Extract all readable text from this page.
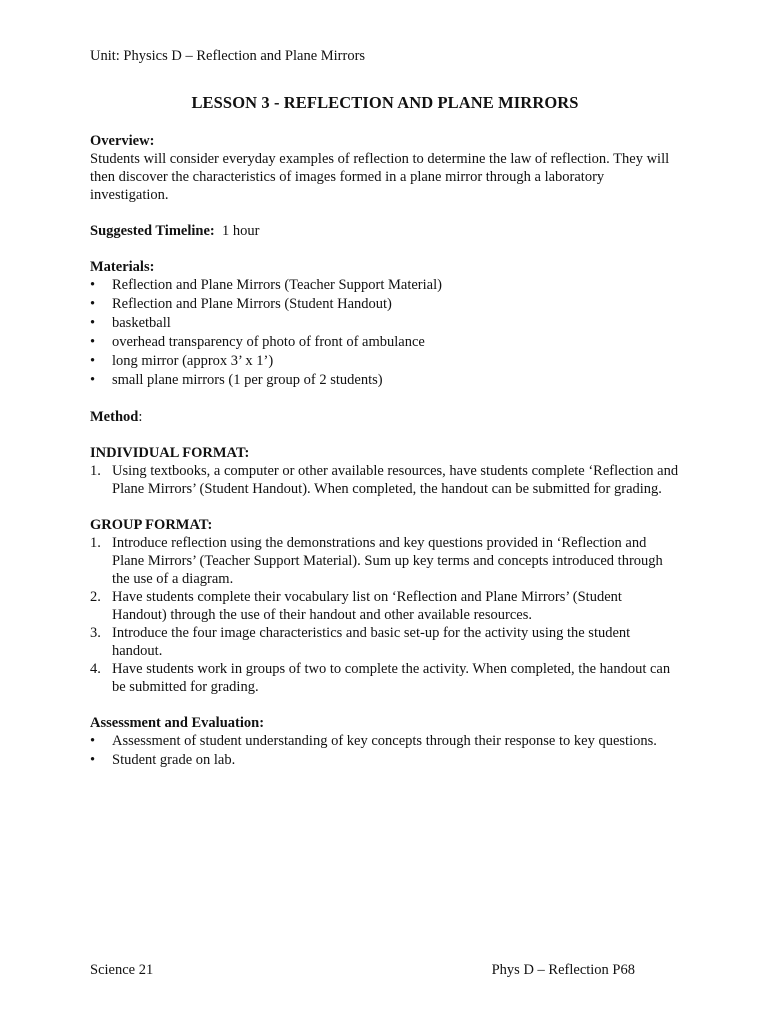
Unit: Physics D – Reflection and Plane Mirrors
LESSON 3 - REFLECTION AND PLANE MIRRORS

Overview:

Students will consider everyday examples of reflection to determine the law of reflection. They will then discover the characteristics of images formed in a plane mirror through a laboratory investigation.

Suggested Timeline: 1 hour

Materials:

•	Reflection and Plane Mirrors (Teacher Support Material)
•	Reflection and Plane Mirrors (Student Handout)
•	basketball
•	overhead transparency of photo of front of ambulance
•	long mirror (approx 3’ x 1’)
•	small plane mirrors (1 per group of 2 students)

Method:

INDIVIDUAL FORMAT:

1. Using textbooks, a computer or other available resources, have students complete ‘Reflection and Plane Mirrors’ (Student Handout). When completed, the handout can be submitted for grading.

GROUP FORMAT:

1. Introduce reflection using the demonstrations and key questions provided in ‘Reflection and Plane Mirrors’ (Teacher Support Material). Sum up key terms and concepts introduced through the use of a diagram.
2. Have students complete their vocabulary list on ‘Reflection and Plane Mirrors’ (Student Handout) through the use of their handout and other available resources.
3. Introduce the four image characteristics and basic set-up for the activity using the student handout.
4. Have students work in groups of two to complete the activity. When completed, the handout can be submitted for grading.

Assessment and Evaluation:

•	Assessment of student understanding of key concepts through their response to key questions.
•	Student grade on lab.
Science 21	Phys D – Reflection P68
